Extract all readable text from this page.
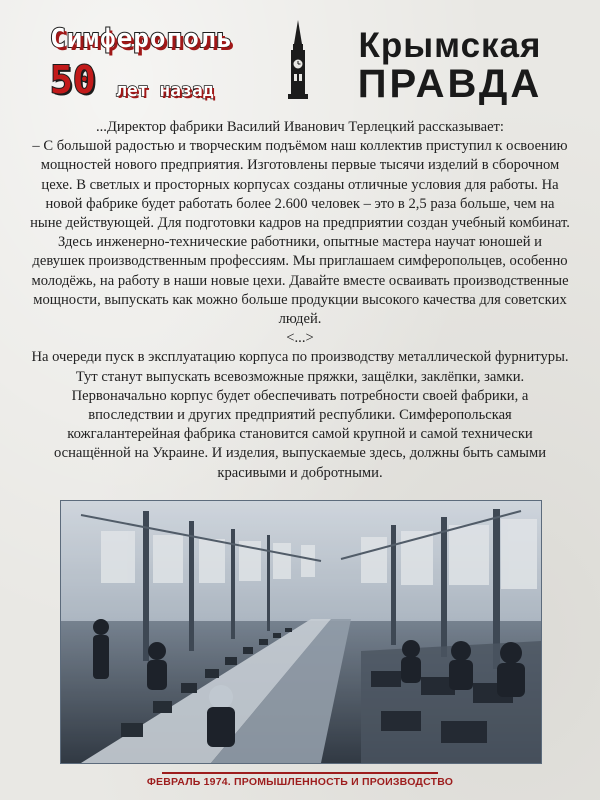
Симферополь
50 лет назад
Крымская
ПРАВДА

...Директор фабрики Василий Иванович Терлецкий рассказывает:

– С большой радостью и творческим подъёмом наш коллектив приступил к освоению мощностей нового предприятия. Изготовлены первые тысячи изделий в сборочном цехе. В светлых и просторных корпусах созданы отличные условия для работы. На новой фабрике будет работать более 2.600 человек – это в 2,5 раза больше, чем на ныне действующей. Для подготовки кадров на предприятии создан учебный комбинат. Здесь инженерно-технические работники, опытные мастера научат юношей и девушек производственным профессиям. Мы приглашаем симферопольцев, особенно молодёжь, на работу в наши новые цехи. Давайте вместе осваивать производственные мощности, выпускать как можно больше продукции высокого качества для советских людей.

<...>

На очереди пуск в эксплуатацию корпуса по производству металлической фурнитуры. Тут станут выпускать всевозможные пряжки, защёлки, заклёпки, замки. Первоначально корпус будет обеспечивать потребности своей фабрики, а впоследствии и других предприятий республики. Симферопольская кожгалантерейная фабрика становится самой крупной и самой технически оснащённой на Украине. И изделия, выпускаемые здесь, должны быть самыми красивыми и добротными.

ФЕВРАЛЬ 1974. ПРОМЫШЛЕННОСТЬ И ПРОИЗВОДСТВО
